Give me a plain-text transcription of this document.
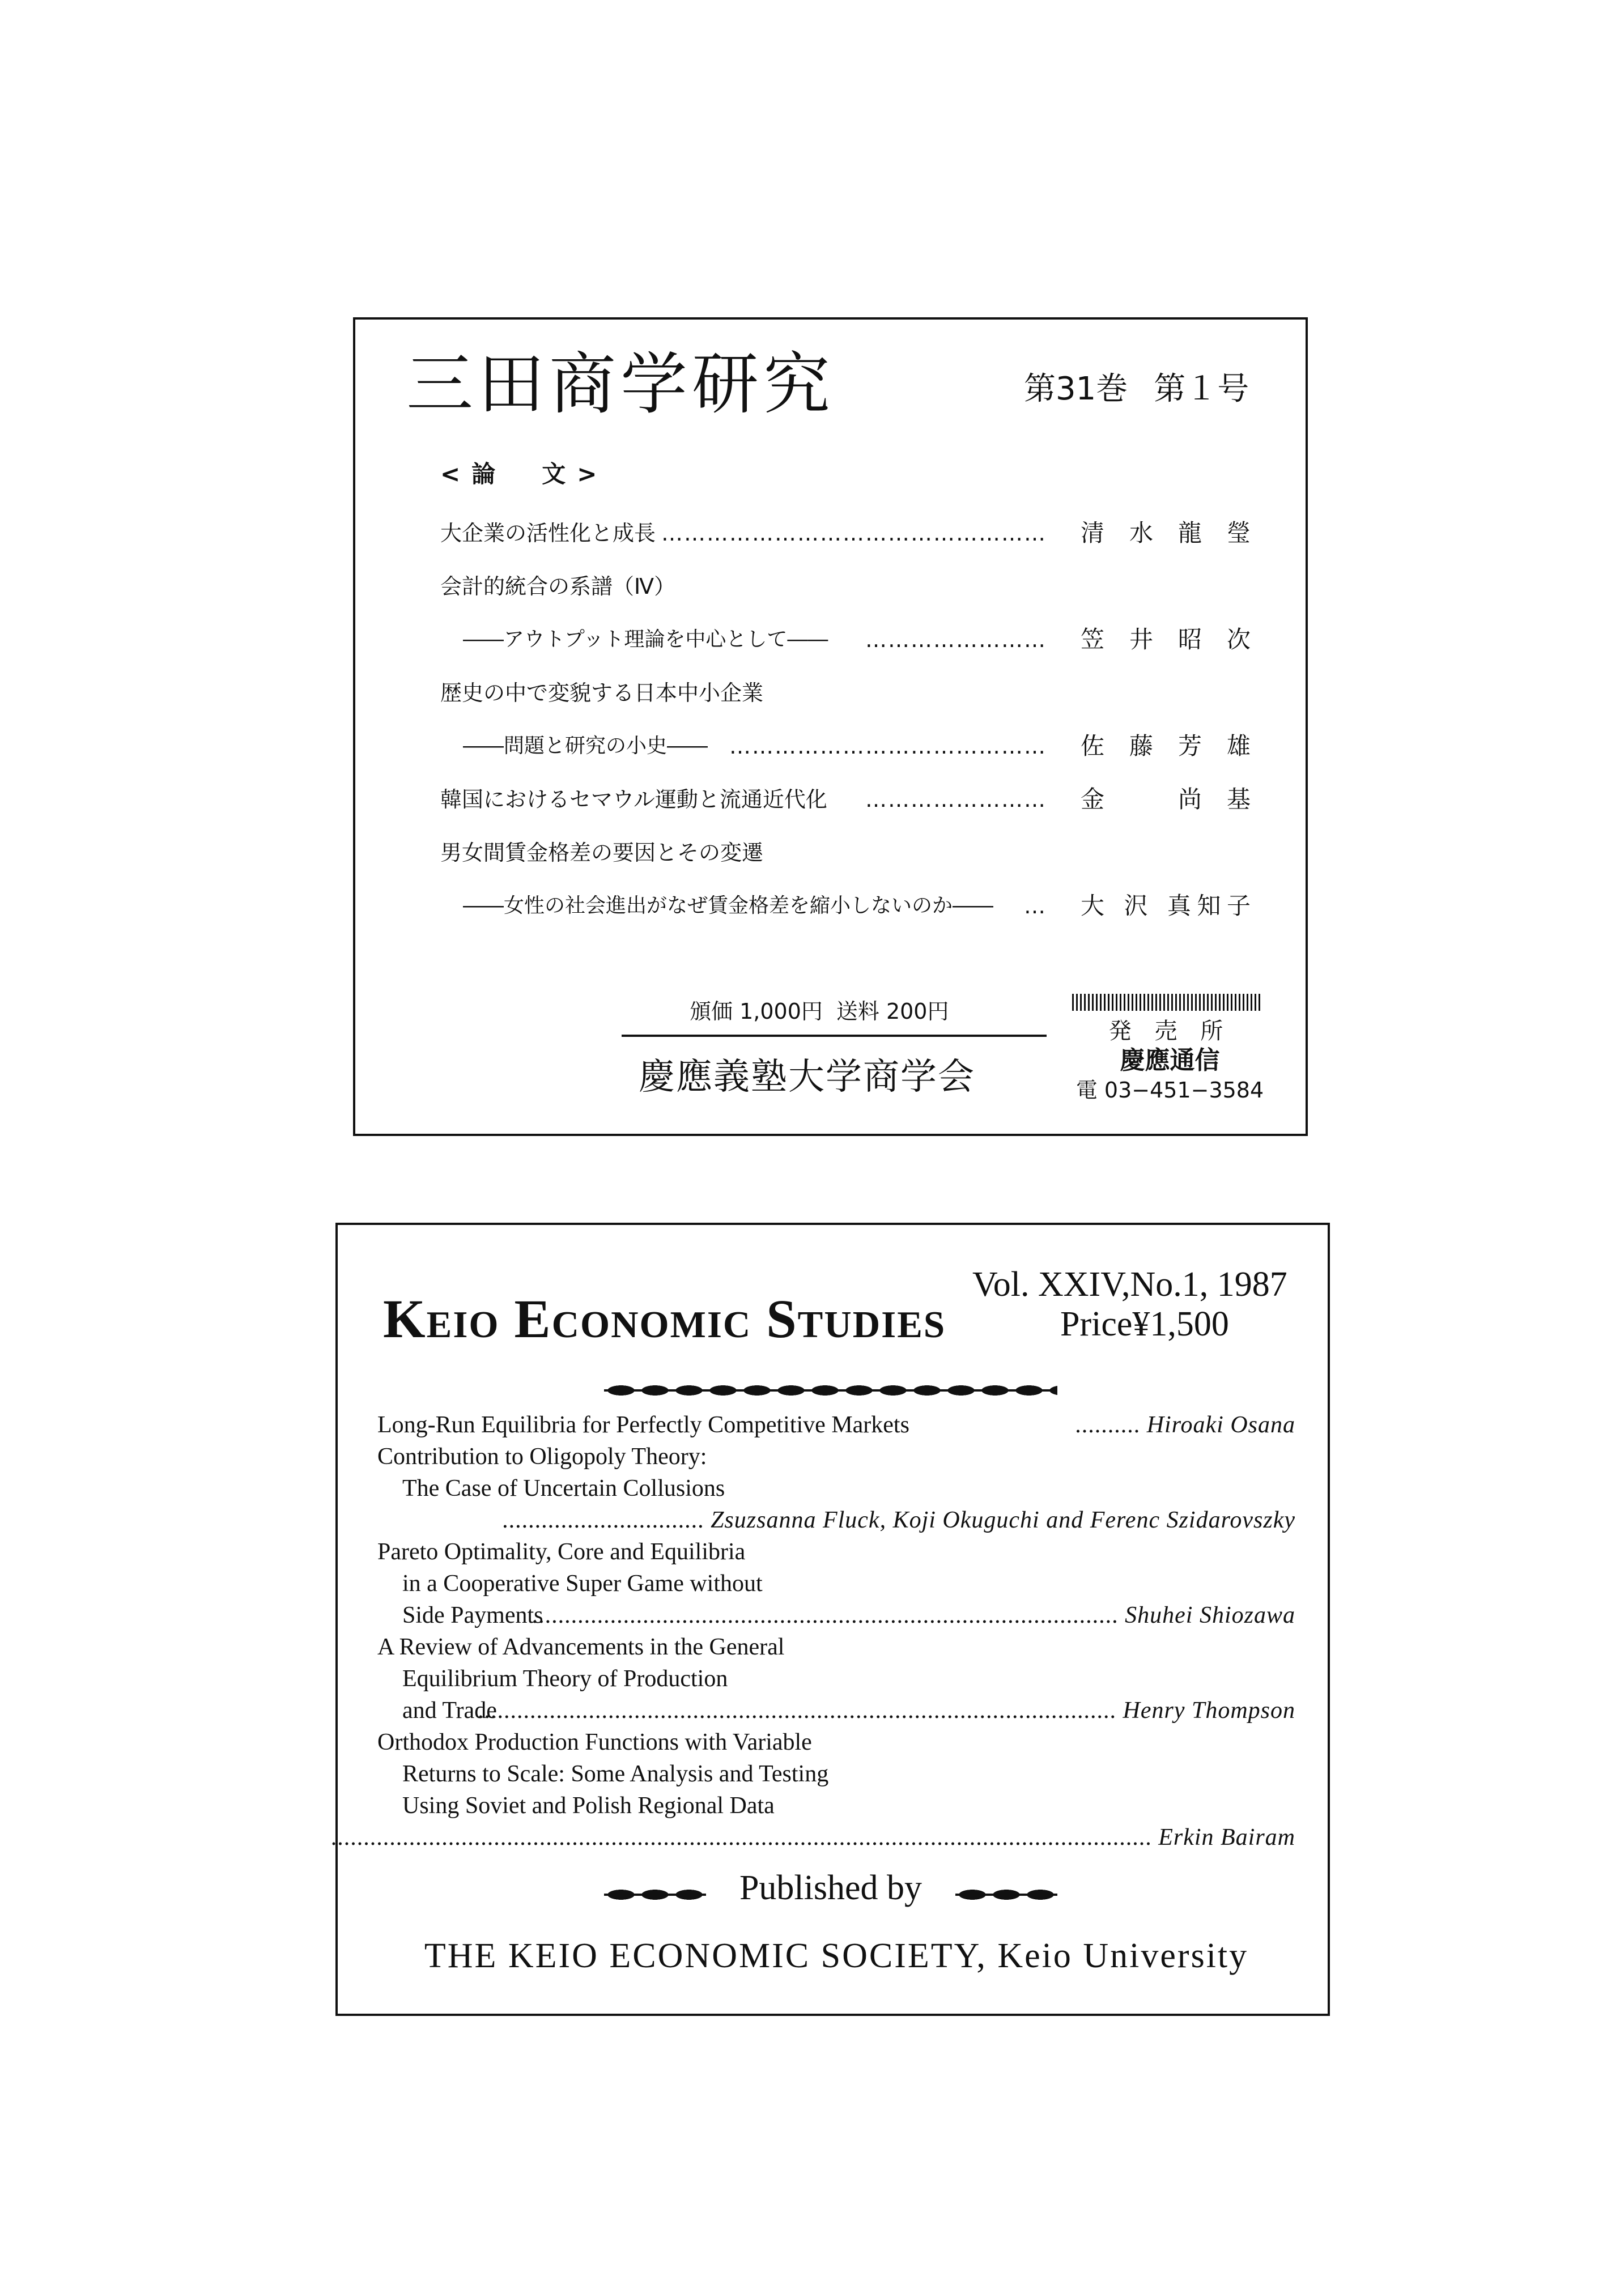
三田商学研究	第31巻 第１号
<論　文>
大企業の活性化と成長 …………………………………………… 清 水 龍 瑩
会計的統合の系譜（Ⅳ）
――アウトプット理論を中心として―― …………………… 笠 井 昭 次
歴史の中で変貌する日本中小企業
――問題と研究の小史―― …………………………………… 佐 藤 芳 雄
韓国におけるセマウル運動と流通近代化 …………………… 金 　 尚 基
男女間賃金格差の要因とその変遷
――女性の社会進出がなぜ賃金格差を縮小しないのか―― … 大 沢 真知子
頒価 1,000円 送料 200円
慶應義塾大学商学会
発 売 所
慶應通信
電 03−451−3584
Keio Economic Studies
Vol. XXIV,No.1, 1987
Price¥1,500
Long-Run Equilibria for Perfectly Competitive Markets	.......... Hiroaki Osana
Contribution to Oligopoly Theory:
The Case of Uncertain Collusions
............................... Zsuzsanna Fluck, Koji Okuguchi and Ferenc Szidarovszky
Pareto Optimality, Core and Equilibria
in a Cooperative Super Game without
Side Payments
.......................................................................................... Shuhei Shiozawa
A Review of Advancements in the General
Equilibrium Theory of Production
and Trade
.................................................................................................. Henry Thompson
Orthodox Production Functions with Variable
Returns to Scale: Some Analysis and Testing
Using Soviet and Polish Regional Data
.............................................................................................................................. Erkin Bairam
Published by
THE KEIO ECONOMIC SOCIETY, Keio University
